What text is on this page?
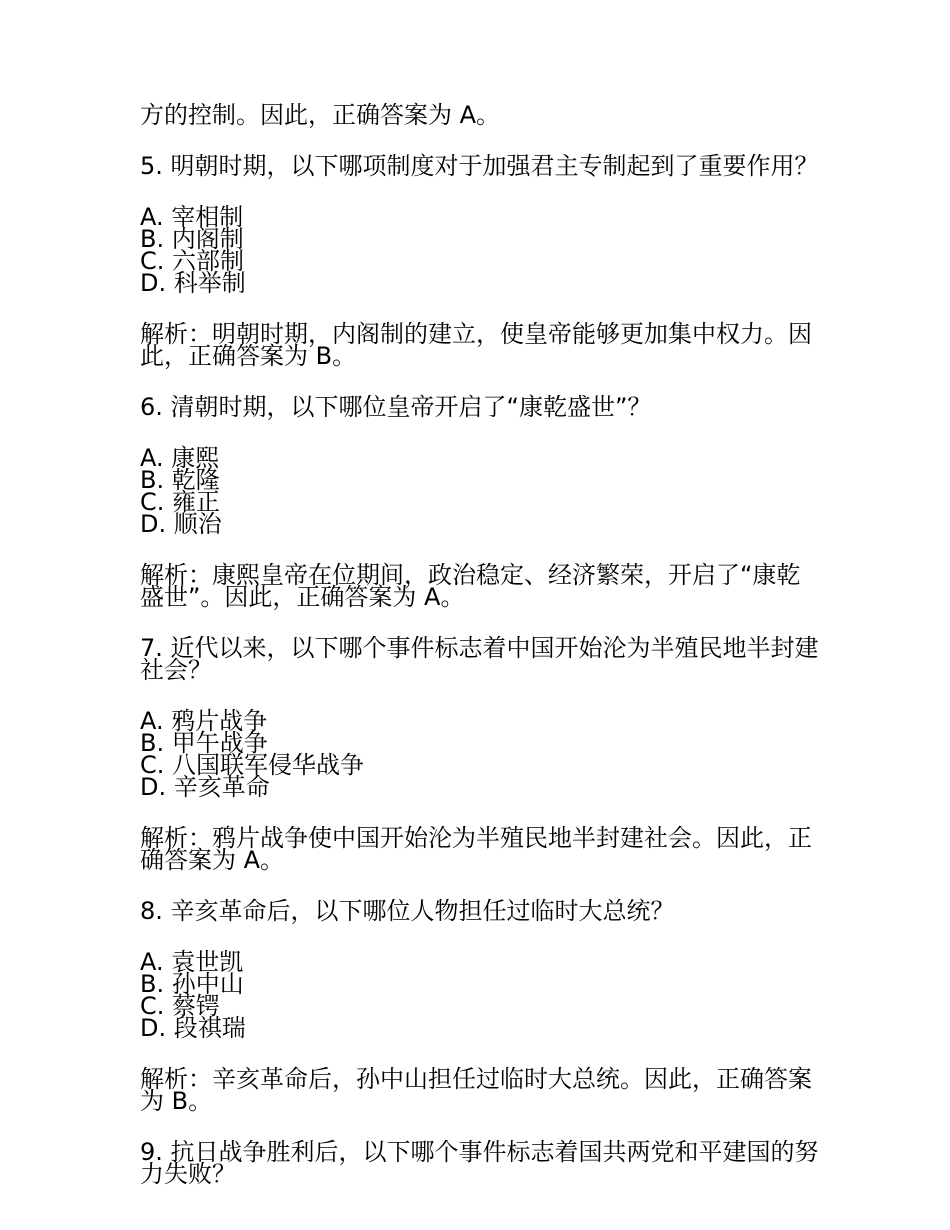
方的控制。因此，正确答案为 A。

5. 明朝时期，以下哪项制度对于加强君主专制起到了重要作用？

A. 宰相制

B. 内阁制

C. 六部制

D. 科举制

解析：明朝时期，内阁制的建立，使皇帝能够更加集中权力。因此，正确答案为 B。

6. 清朝时期，以下哪位皇帝开启了“康乾盛世”？

A. 康熙

B. 乾隆

C. 雍正

D. 顺治

解析：康熙皇帝在位期间，政治稳定、经济繁荣，开启了“康乾盛世”。因此，正确答案为 A。

7. 近代以来，以下哪个事件标志着中国开始沦为半殖民地半封建社会？

A. 鸦片战争

B. 甲午战争

C. 八国联军侵华战争

D. 辛亥革命

解析：鸦片战争使中国开始沦为半殖民地半封建社会。因此，正确答案为 A。

8. 辛亥革命后，以下哪位人物担任过临时大总统？

A. 袁世凯

B. 孙中山

C. 蔡锷

D. 段祺瑞

解析：辛亥革命后，孙中山担任过临时大总统。因此，正确答案为 B。

9. 抗日战争胜利后，以下哪个事件标志着国共两党和平建国的努力失败？
